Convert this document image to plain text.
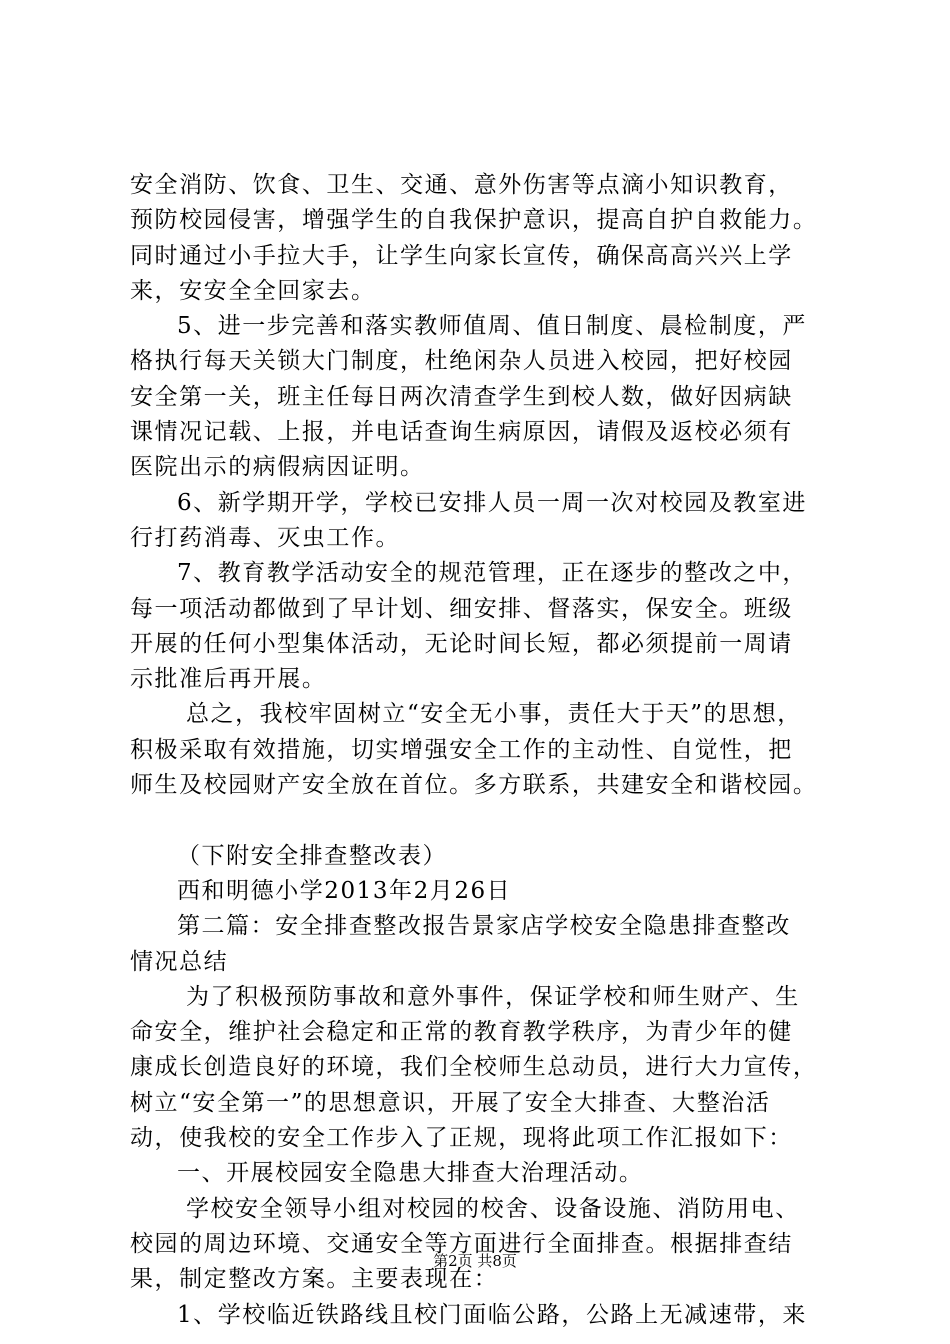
安全消防、饮食、卫生、交通、意外伤害等点滴小知识教育，
预防校园侵害，增强学生的自我保护意识，提高自护自救能力。
同时通过小手拉大手，让学生向家长宣传，确保高高兴兴上学
来，安安全全回家去。
5、进一步完善和落实教师值周、值日制度、晨检制度，严
格执行每天关锁大门制度，杜绝闲杂人员进入校园，把好校园
安全第一关，班主任每日两次清查学生到校人数，做好因病缺
课情况记载、上报，并电话查询生病原因，请假及返校必须有
医院出示的病假病因证明。
6、新学期开学，学校已安排人员一周一次对校园及教室进
行打药消毒、灭虫工作。
7、教育教学活动安全的规范管理，正在逐步的整改之中，
每一项活动都做到了早计划、细安排、督落实，保安全。班级
开展的任何小型集体活动，无论时间长短，都必须提前一周请
示批准后再开展。
总之，我校牢固树立“安全无小事，责任大于天”的思想，
积极采取有效措施，切实增强安全工作的主动性、自觉性，把
师生及校园财产安全放在首位。多方联系，共建安全和谐校园。
（下附安全排查整改表）
西和明德小学2013年2月26日
第二篇：安全排查整改报告景家店学校安全隐患排查整改
情况总结
为了积极预防事故和意外事件，保证学校和师生财产、生
命安全，维护社会稳定和正常的教育教学秩序，为青少年的健
康成长创造良好的环境，我们全校师生总动员，进行大力宣传，
树立“安全第一”的思想意识，开展了安全大排查、大整治活
动，使我校的安全工作步入了正规，现将此项工作汇报如下：
一、开展校园安全隐患大排查大治理活动。
学校安全领导小组对校园的校舍、设备设施、消防用电、
校园的周边环境、交通安全等方面进行全面排查。根据排查结
果，制定整改方案。主要表现在：
1、学校临近铁路线且校门面临公路，公路上无减速带，来
第2页 共8页
